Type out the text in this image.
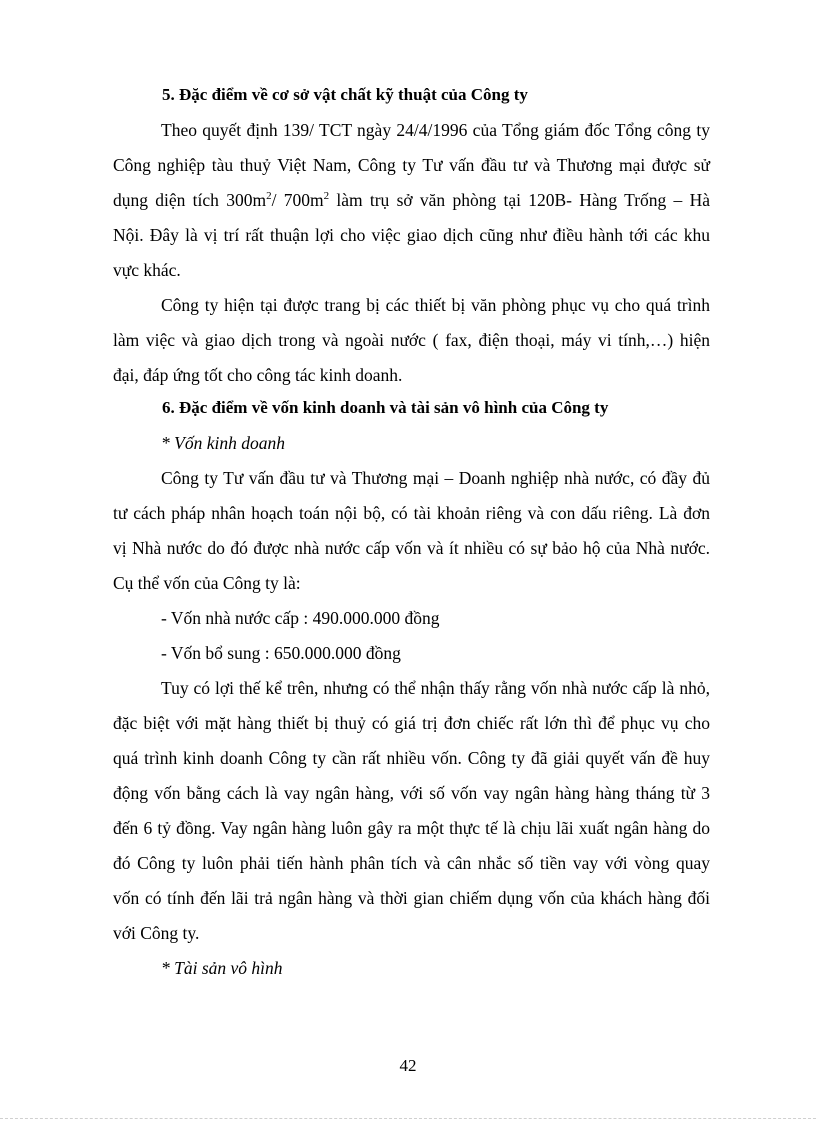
5. Đặc điểm về cơ sở vật chất kỹ thuật của Công ty
Theo quyết định 139/ TCT ngày 24/4/1996 của Tổng giám đốc Tổng công ty
Công nghiệp tàu thuỷ Việt Nam, Công ty Tư vấn đầu tư và Thương mại được sử
dụng diện tích $300m^2/$ $700m^2$ làm trụ sở văn phòng tại 120B- Hàng Trống – Hà
Nội. Đây là vị trí rất thuận lợi cho việc giao dịch cũng như điều hành tới các khu
vực khác.
Công ty hiện tại được trang bị các thiết bị văn phòng phục vụ cho quá trình
làm việc và giao dịch trong và ngoài nước ( fax, điện thoại, máy vi tính,…) hiện
đại, đáp ứng tốt cho công tác kinh doanh.
6. Đặc điểm về vốn kinh doanh và tài sản vô hình của Công ty
* Vốn kinh doanh
Công ty Tư vấn đầu tư và Thương mại – Doanh nghiệp nhà nước, có đầy đủ
tư cách pháp nhân hoạch toán nội bộ, có tài khoản riêng và con dấu riêng. Là đơn
vị Nhà nước do đó được nhà nước cấp vốn và ít nhiều có sự bảo hộ của Nhà nước.
Cụ thể vốn của Công ty là:
- Vốn nhà nước cấp : 490.000.000 đồng
- Vốn bổ sung : 650.000.000 đồng
Tuy có lợi thế kể trên, nhưng có thể nhận thấy rằng vốn nhà nước cấp là nhỏ,
đặc biệt với mặt hàng thiết bị thuỷ có giá trị đơn chiếc rất lớn thì để phục vụ cho
quá trình kinh doanh Công ty cần rất nhiều vốn. Công ty đã giải quyết vấn đề huy
động vốn bằng cách là vay ngân hàng, với số vốn vay ngân hàng hàng tháng từ 3
đến 6 tỷ đồng. Vay ngân hàng luôn gây ra một thực tế là chịu lãi xuất ngân hàng do
đó Công ty luôn phải tiến hành phân tích và cân nhắc số tiền vay với vòng quay
vốn có tính đến lãi trả ngân hàng và thời gian chiếm dụng vốn của khách hàng đối
với Công ty.
* Tài sản vô hình
42
